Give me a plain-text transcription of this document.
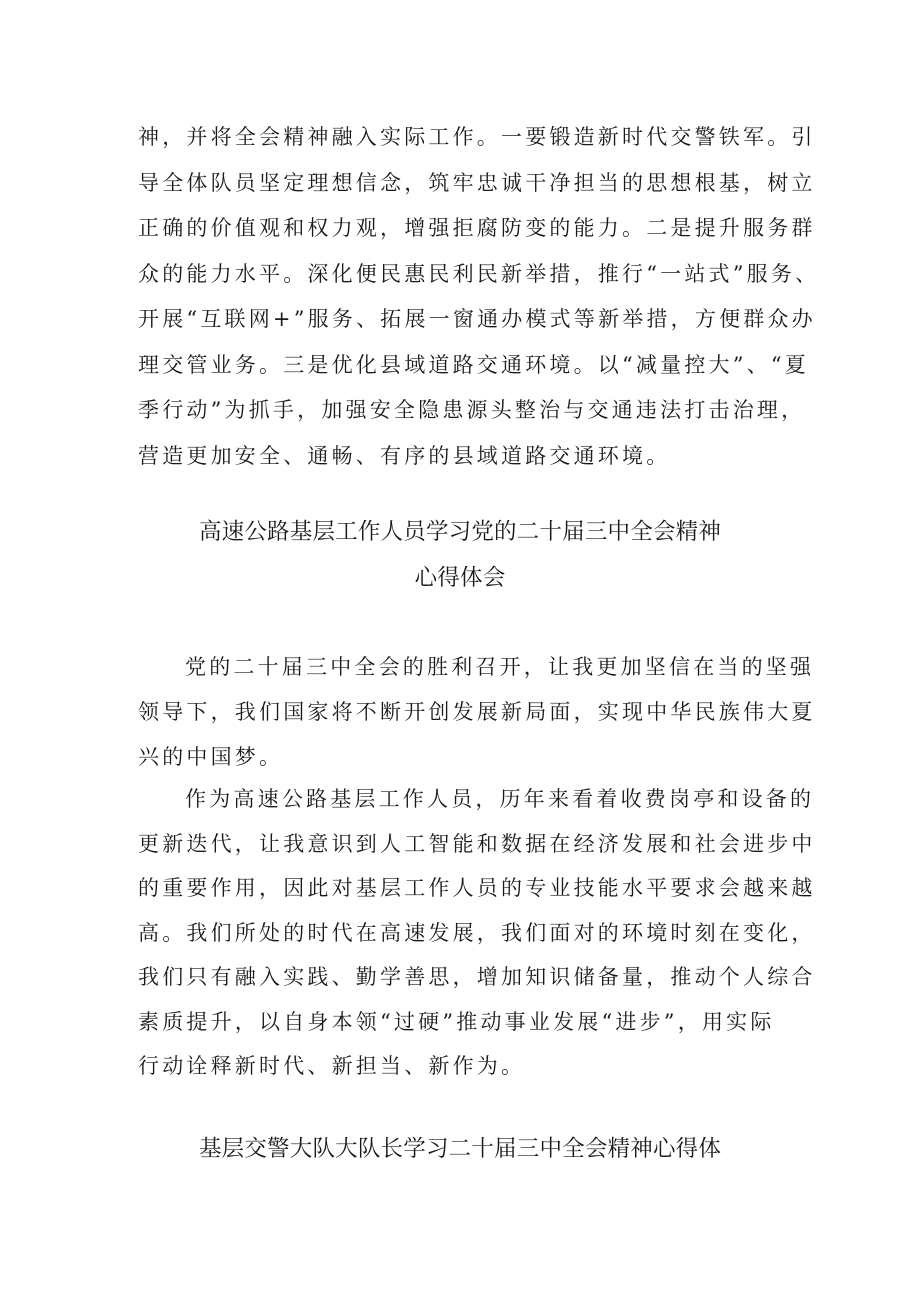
神，并将全会精神融入实际工作。一要锻造新时代交警铁军。引
导全体队员坚定理想信念，筑牢忠诚干净担当的思想根基，树立
正确的价值观和权力观，增强拒腐防变的能力。二是提升服务群
众的能力水平。深化便民惠民利民新举措，推行“一站式”服务、
开展“互联网+”服务、拓展一窗通办模式等新举措，方便群众办
理交管业务。三是优化县域道路交通环境。以“减量控大”、“夏
季行动”为抓手，加强安全隐患源头整治与交通违法打击治理，
营造更加安全、通畅、有序的县域道路交通环境。
高速公路基层工作人员学习党的二十届三中全会精神
心得体会
党的二十届三中全会的胜利召开，让我更加坚信在当的坚强
领导下，我们国家将不断开创发展新局面，实现中华民族伟大夏
兴的中国梦。
作为高速公路基层工作人员，历年来看着收费岗亭和设备的
更新迭代，让我意识到人工智能和数据在经济发展和社会进步中
的重要作用，因此对基层工作人员的专业技能水平要求会越来越
高。我们所处的时代在高速发展，我们面对的环境时刻在变化，
我们只有融入实践、勤学善思，增加知识储备量，推动个人综合
素质提升，以自身本领“过硬”推动事业发展“进步”，用实际
行动诠释新时代、新担当、新作为。
基层交警大队大队长学习二十届三中全会精神心得体
